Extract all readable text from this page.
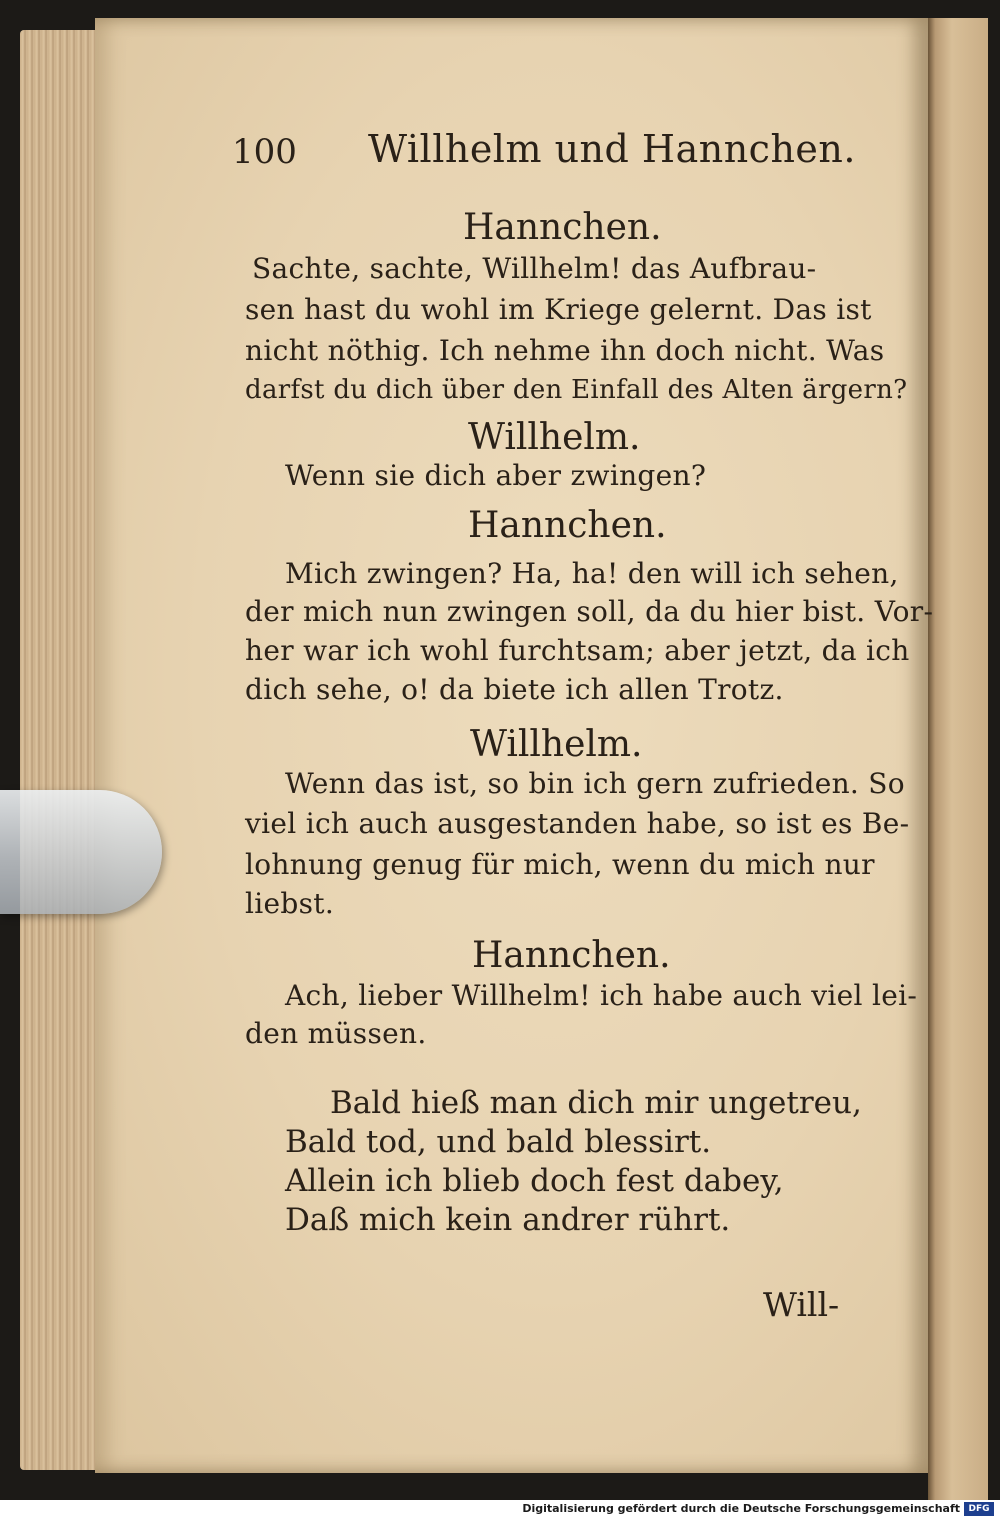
100 Willhelm und Hannchen.
Hannchen.
Sachte, sachte, Willhelm! das Aufbrau-
sen hast du wohl im Kriege gelernt. Das ist
nicht nöthig. Ich nehme ihn doch nicht. Was
darfst du dich über den Einfall des Alten ärgern?
Willhelm.
Wenn sie dich aber zwingen?
Hannchen.
Mich zwingen? Ha, ha! den will ich sehen,
der mich nun zwingen soll, da du hier bist. Vor-
her war ich wohl furchtsam; aber jetzt, da ich
dich sehe, o! da biete ich allen Trotz.
Willhelm.
Wenn das ist, so bin ich gern zufrieden. So
viel ich auch ausgestanden habe, so ist es Be-
lohnung genug für mich, wenn du mich nur
liebst.
Hannchen.
Ach, lieber Willhelm! ich habe auch viel lei-
den müssen.
Bald hieß man dich mir ungetreu,
Bald tod, und bald blessirt.
Allein ich blieb doch fest dabey,
Daß mich kein andrer rührt.
Will-
Digitalisierung gefördert durch die Deutsche Forschungsgemeinschaft DFG
